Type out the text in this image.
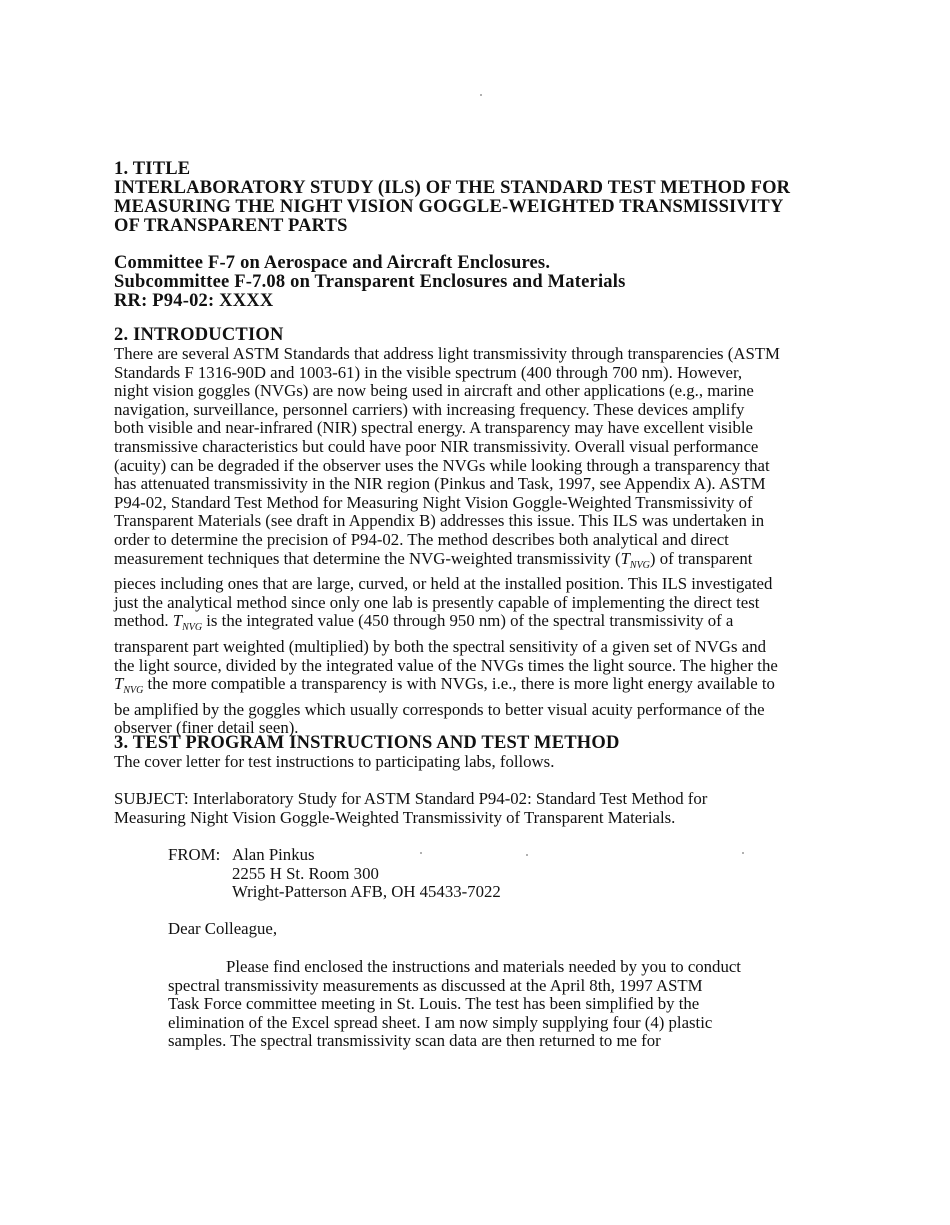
1. TITLE

INTERLABORATORY STUDY (ILS) OF THE STANDARD TEST METHOD FOR

MEASURING THE NIGHT VISION GOGGLE-WEIGHTED TRANSMISSIVITY

OF TRANSPARENT PARTS

Committee F-7 on Aerospace and Aircraft Enclosures.

Subcommittee F-7.08 on Transparent Enclosures and Materials

RR: P94-02: XXXX

2. INTRODUCTION

There are several ASTM Standards that address light transmissivity through transparencies (ASTM
Standards F 1316-90D and 1003-61) in the visible spectrum (400 through 700 nm). However,
night vision goggles (NVGs) are now being used in aircraft and other applications (e.g., marine
navigation, surveillance, personnel carriers) with increasing frequency. These devices amplify
both visible and near-infrared (NIR) spectral energy. A transparency may have excellent visible
transmissive characteristics but could have poor NIR transmissivity. Overall visual performance
(acuity) can be degraded if the observer uses the NVGs while looking through a transparency that
has attenuated transmissivity in the NIR region (Pinkus and Task, 1997, see Appendix A). ASTM
P94-02, Standard Test Method for Measuring Night Vision Goggle-Weighted Transmissivity of
Transparent Materials (see draft in Appendix B) addresses this issue. This ILS was undertaken in
order to determine the precision of P94-02. The method describes both analytical and direct
measurement techniques that determine the NVG-weighted transmissivity $(T_{NVG})$ of transparent
pieces including ones that are large, curved, or held at the installed position. This ILS investigated
just the analytical method since only one lab is presently capable of implementing the direct test
method. $T_{NVG}$ is the integrated value (450 through 950 nm) of the spectral transmissivity of a
transparent part weighted (multiplied) by both the spectral sensitivity of a given set of NVGs and
the light source, divided by the integrated value of the NVGs times the light source. The higher the
$T_{NVG}$ the more compatible a transparency is with NVGs, i.e., there is more light energy available to
be amplified by the goggles which usually corresponds to better visual acuity performance of the
observer (finer detail seen).

3. TEST PROGRAM INSTRUCTIONS AND TEST METHOD

The cover letter for test instructions to participating labs, follows.

SUBJECT: Interlaboratory Study for ASTM Standard P94-02: Standard Test Method for
Measuring Night Vision Goggle-Weighted Transmissivity of Transparent Materials.

FROM: Alan Pinkus
2255 H St. Room 300
Wright-Patterson AFB, OH 45433-7022

Dear Colleague,

Please find enclosed the instructions and materials needed by you to conduct
spectral transmissivity measurements as discussed at the April 8th, 1997 ASTM
Task Force committee meeting in St. Louis. The test has been simplified by the
elimination of the Excel spread sheet. I am now simply supplying four (4) plastic
samples. The spectral transmissivity scan data are then returned to me for
